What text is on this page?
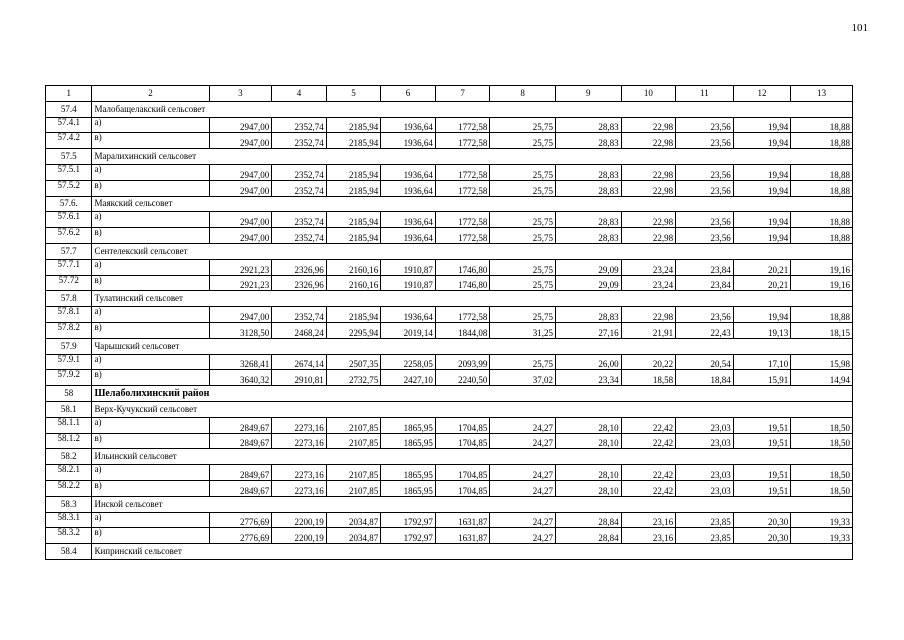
101
1	2	3	4	5	6	7	8	9	10	11	12	13
57.4	Малобащелакский сельсовет											
57.4.1	а)	2947,00	2352,74	2185,94	1936,64	1772,58	25,75	28,83	22,98	23,56	19,94	18,88
57.4.2	в)	2947,00	2352,74	2185,94	1936,64	1772,58	25,75	28,83	22,98	23,56	19,94	18,88
57.5	Маралихинский сельсовет											
57.5.1	а)	2947,00	2352,74	2185,94	1936,64	1772,58	25,75	28,83	22,98	23,56	19,94	18,88
57.5.2	в)	2947,00	2352,74	2185,94	1936,64	1772,58	25,75	28,83	22,98	23,56	19,94	18,88
57.6.	Маякский сельсовет											
57.6.1	а)	2947,00	2352,74	2185,94	1936,64	1772,58	25,75	28,83	22,98	23,56	19,94	18,88
57.6.2	в)	2947,00	2352,74	2185,94	1936,64	1772,58	25,75	28,83	22,98	23,56	19,94	18,88
57.7	Сентелекский сельсовет											
57.7.1	а)	2921,23	2326,96	2160,16	1910,87	1746,80	25,75	29,09	23,24	23,84	20,21	19,16
57.72	в)	2921,23	2326,96	2160,16	1910,87	1746,80	25,75	29,09	23,24	23,84	20,21	19,16
57.8	Тулатинский сельсовет											
57.8.1	а)	2947,00	2352,74	2185,94	1936,64	1772,58	25,75	28,83	22,98	23,56	19,94	18,88
57.8.2	в)	3128,50	2468,24	2295,94	2019,14	1844,08	31,25	27,16	21,91	22,43	19,13	18,15
57.9	Чарышский сельсовет											
57.9.1	а)	3268,41	2674,14	2507,35	2258,05	2093,99	25,75	26,00	20,22	20,54	17,10	15,98
57.9.2	в)	3640,32	2910,81	2732,75	2427,10	2240,50	37,02	23,34	18,58	18,84	15,91	14,94
58	Шелаболихинский район											
58.1	Верх-Кучукский сельсовет											
58.1.1	а)	2849,67	2273,16	2107,85	1865,95	1704,85	24,27	28,10	22,42	23,03	19,51	18,50
58.1.2	в)	2849,67	2273,16	2107,85	1865,95	1704,85	24,27	28,10	22,42	23,03	19,51	18,50
58.2	Ильинский сельсовет											
58.2.1	а)	2849,67	2273,16	2107,85	1865,95	1704,85	24,27	28,10	22,42	23,03	19,51	18,50
58.2.2	в)	2849,67	2273,16	2107,85	1865,95	1704,85	24,27	28,10	22,42	23,03	19,51	18,50
58.3	Инской сельсовет											
58.3.1	а)	2776,69	2200,19	2034,87	1792,97	1631,87	24,27	28,84	23,16	23,85	20,30	19,33
58.3.2	в)	2776,69	2200,19	2034,87	1792,97	1631,87	24,27	28,84	23,16	23,85	20,30	19,33
58.4	Кипринский сельсовет											
